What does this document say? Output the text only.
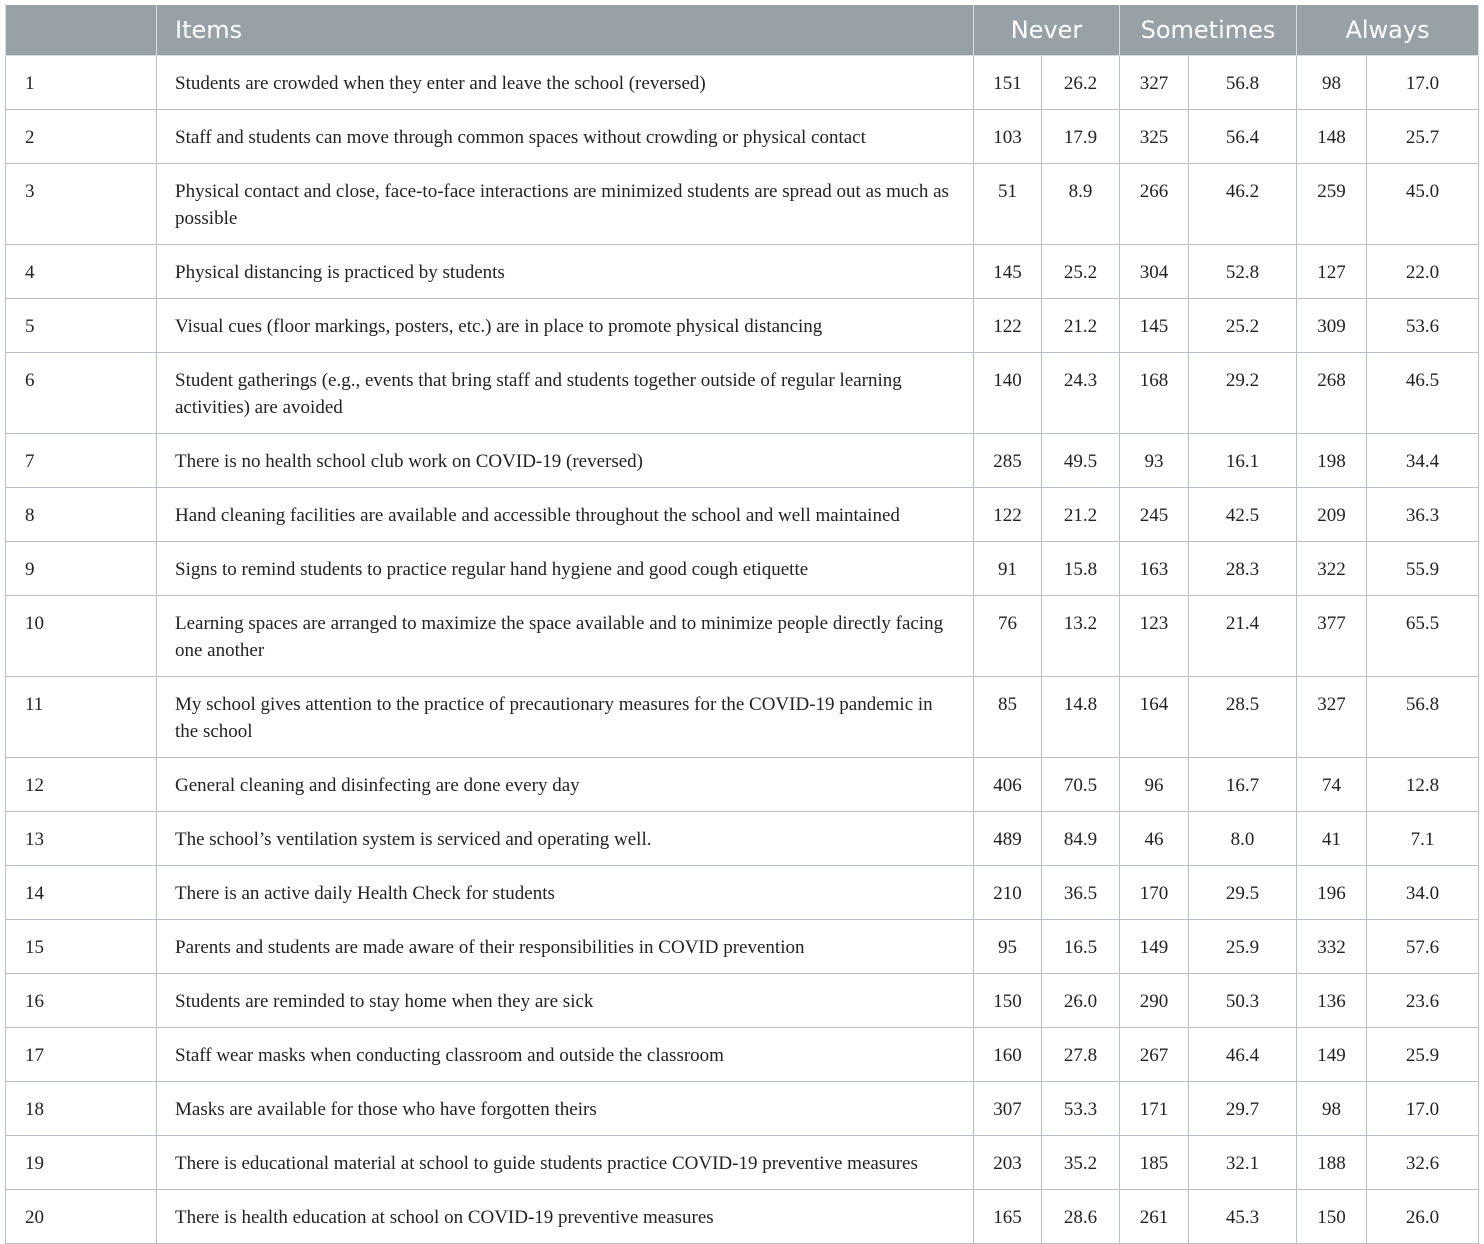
	Items	Never		Sometimes		Always	
1	Students are crowded when they enter and leave the school (reversed)	151	26.2	327	56.8	98	17.0
2	Staff and students can move through common spaces without crowding or physical contact	103	17.9	325	56.4	148	25.7
3	Physical contact and close, face-to-face interactions are minimized students are spread out as much as possible	51	8.9	266	46.2	259	45.0
4	Physical distancing is practiced by students	145	25.2	304	52.8	127	22.0
5	Visual cues (floor markings, posters, etc.) are in place to promote physical distancing	122	21.2	145	25.2	309	53.6
6	Student gatherings (e.g., events that bring staff and students together outside of regular learning activities) are avoided	140	24.3	168	29.2	268	46.5
7	There is no health school club work on COVID-19 (reversed)	285	49.5	93	16.1	198	34.4
8	Hand cleaning facilities are available and accessible throughout the school and well maintained	122	21.2	245	42.5	209	36.3
9	Signs to remind students to practice regular hand hygiene and good cough etiquette	91	15.8	163	28.3	322	55.9
10	Learning spaces are arranged to maximize the space available and to minimize people directly facing one another	76	13.2	123	21.4	377	65.5
11	My school gives attention to the practice of precautionary measures for the COVID-19 pandemic in the school	85	14.8	164	28.5	327	56.8
12	General cleaning and disinfecting are done every day	406	70.5	96	16.7	74	12.8
13	The school’s ventilation system is serviced and operating well.	489	84.9	46	8.0	41	7.1
14	There is an active daily Health Check for students	210	36.5	170	29.5	196	34.0
15	Parents and students are made aware of their responsibilities in COVID prevention	95	16.5	149	25.9	332	57.6
16	Students are reminded to stay home when they are sick	150	26.0	290	50.3	136	23.6
17	Staff wear masks when conducting classroom and outside the classroom	160	27.8	267	46.4	149	25.9
18	Masks are available for those who have forgotten theirs	307	53.3	171	29.7	98	17.0
19	There is educational material at school to guide students practice COVID-19 preventive measures	203	35.2	185	32.1	188	32.6
20	There is health education at school on COVID-19 preventive measures	165	28.6	261	45.3	150	26.0
